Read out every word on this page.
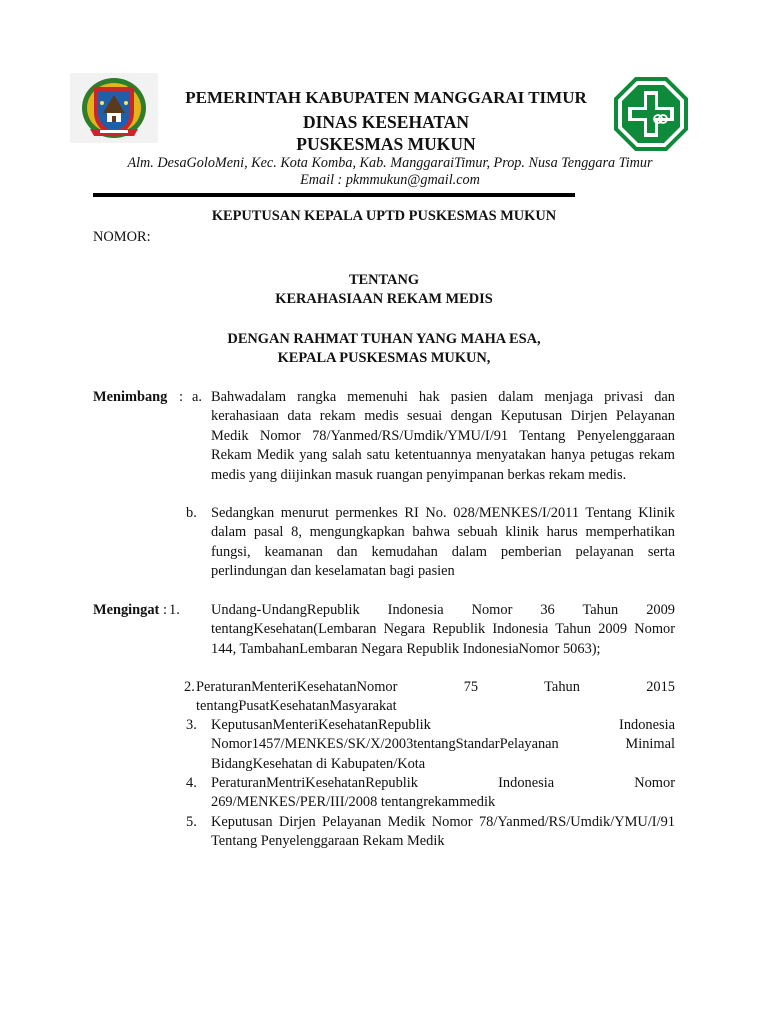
PEMERINTAH KABUPATEN MANGGARAI TIMUR
DINAS KESEHATAN
PUSKESMAS MUKUN
Alm. DesaGoloMeni, Kec. Kota Komba, Kab. ManggaraiTimur, Prop. Nusa Tenggara Timur
Email : pkmmukun@gmail.com
KEPUTUSAN KEPALA UPTD PUSKESMAS MUKUN
NOMOR:
TENTANG
KERAHASIAAN REKAM MEDIS
DENGAN RAHMAT TUHAN YANG MAHA ESA,
KEPALA PUSKESMAS MUKUN,
Menimbang : a. Bahwadalam rangka memenuhi hak pasien dalam menjaga privasi dan kerahasiaan data rekam medis sesuai dengan Keputusan Dirjen Pelayanan Medik Nomor 78/Yanmed/RS/Umdik/YMU/I/91 Tentang Penyelenggaraan Rekam Medik yang salah satu ketentuannya menyatakan hanya petugas rekam medis yang diijinkan masuk ruangan penyimpanan berkas rekam medis.

b. Sedangkan menurut permenkes RI No. 028/MENKES/I/2011 Tentang Klinik dalam pasal 8, mengungkapkan bahwa sebuah klinik harus memperhatikan fungsi, keamanan dan kemudahan dalam pemberian pelayanan serta perlindungan dan keselamatan bagi pasien

Mengingat : 1. Undang-UndangRepublik Indonesia Nomor 36 Tahun 2009 tentangKesehatan(Lembaran Negara Republik Indonesia Tahun 2009 Nomor 144, TambahanLembaran Negara Republik IndonesiaNomor 5063);

2. PeraturanMenteriKesehatanNomor 75 Tahun 2015 tentangPusatKesehatanMasyarakat

3. KeputusanMenteriKesehatanRepublik Indonesia Nomor1457/MENKES/SK/X/2003tentangStandarPelayanan Minimal BidangKesehatan di Kabupaten/Kota

4. PeraturanMentriKesehatanRepublik Indonesia Nomor 269/MENKES/PER/III/2008 tentangrekammedik

5. Keputusan Dirjen Pelayanan Medik Nomor 78/Yanmed/RS/Umdik/YMU/I/91 Tentang Penyelenggaraan Rekam Medik
